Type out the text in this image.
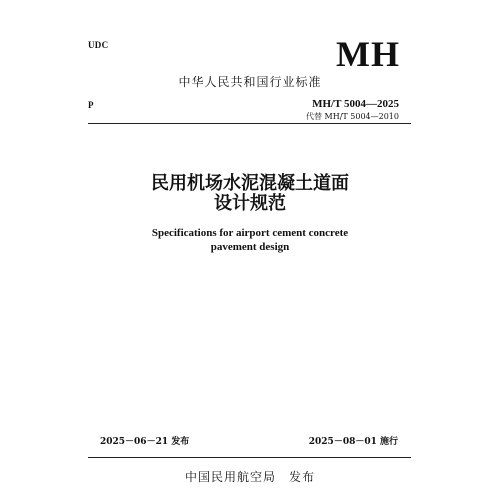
UDC	MH
中华人民共和国行业标准
P	MH/T 5004—2025
代替 MH/T 5004—2010
民用机场水泥混凝土道面
设计规范
Specifications for airport cement concrete
pavement design
2025－06－21 发布	2025－08－01 施行
中国民用航空局　发布
